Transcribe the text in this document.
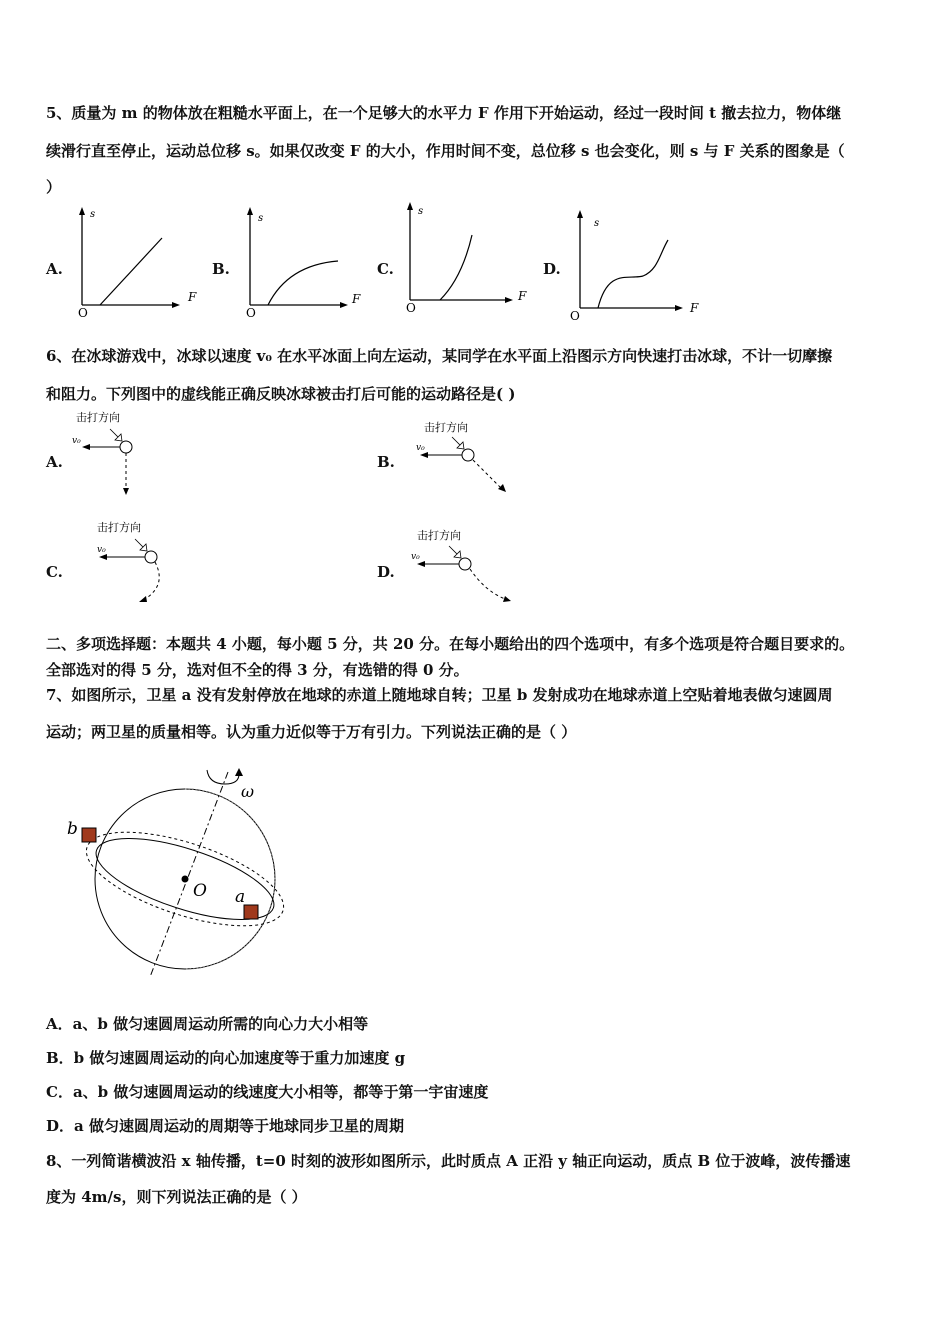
5、质量为 m 的物体放在粗糙水平面上，在一个足够大的水平力 F 作用下开始运动，经过一段时间 t 撤去拉力，物体继
续滑行直至停止，运动总位移 s。如果仅改变 F 的大小，作用时间不变，总位移 s 也会变化，则 s 与 F 关系的图象是（
）
A.
s
F
O
B.
s
F
O
C.
s
F
O
D.
s
F
O
6、在冰球游戏中，冰球以速度 v₀ 在水平冰面上向左运动，某同学在水平面上沿图示方向快速打击冰球，不计一切摩擦
和阻力。下列图中的虚线能正确反映冰球被击打后可能的运动路径是( )
A.
击打方向
v₀
B.
击打方向
v₀
C.
击打方向
v₀
D.
击打方向
v₀
二、多项选择题：本题共 4 小题，每小题 5 分，共 20 分。在每小题给出的四个选项中，有多个选项是符合题目要求的。
全部选对的得 5 分，选对但不全的得 3 分，有选错的得 0 分。
7、如图所示，卫星 a 没有发射停放在地球的赤道上随地球自转；卫星 b 发射成功在地球赤道上空贴着地表做匀速圆周
运动；两卫星的质量相等。认为重力近似等于万有引力。下列说法正确的是（ ）
ω
O
b
a
A．a、b 做匀速圆周运动所需的向心力大小相等
B．b 做匀速圆周运动的向心加速度等于重力加速度 g
C．a、b 做匀速圆周运动的线速度大小相等，都等于第一宇宙速度
D．a 做匀速圆周运动的周期等于地球同步卫星的周期
8、一列简谐横波沿 x 轴传播，t=0 时刻的波形如图所示，此时质点 A 正沿 y 轴正向运动，质点 B 位于波峰，波传播速
度为 4m/s，则下列说法正确的是（ ）
